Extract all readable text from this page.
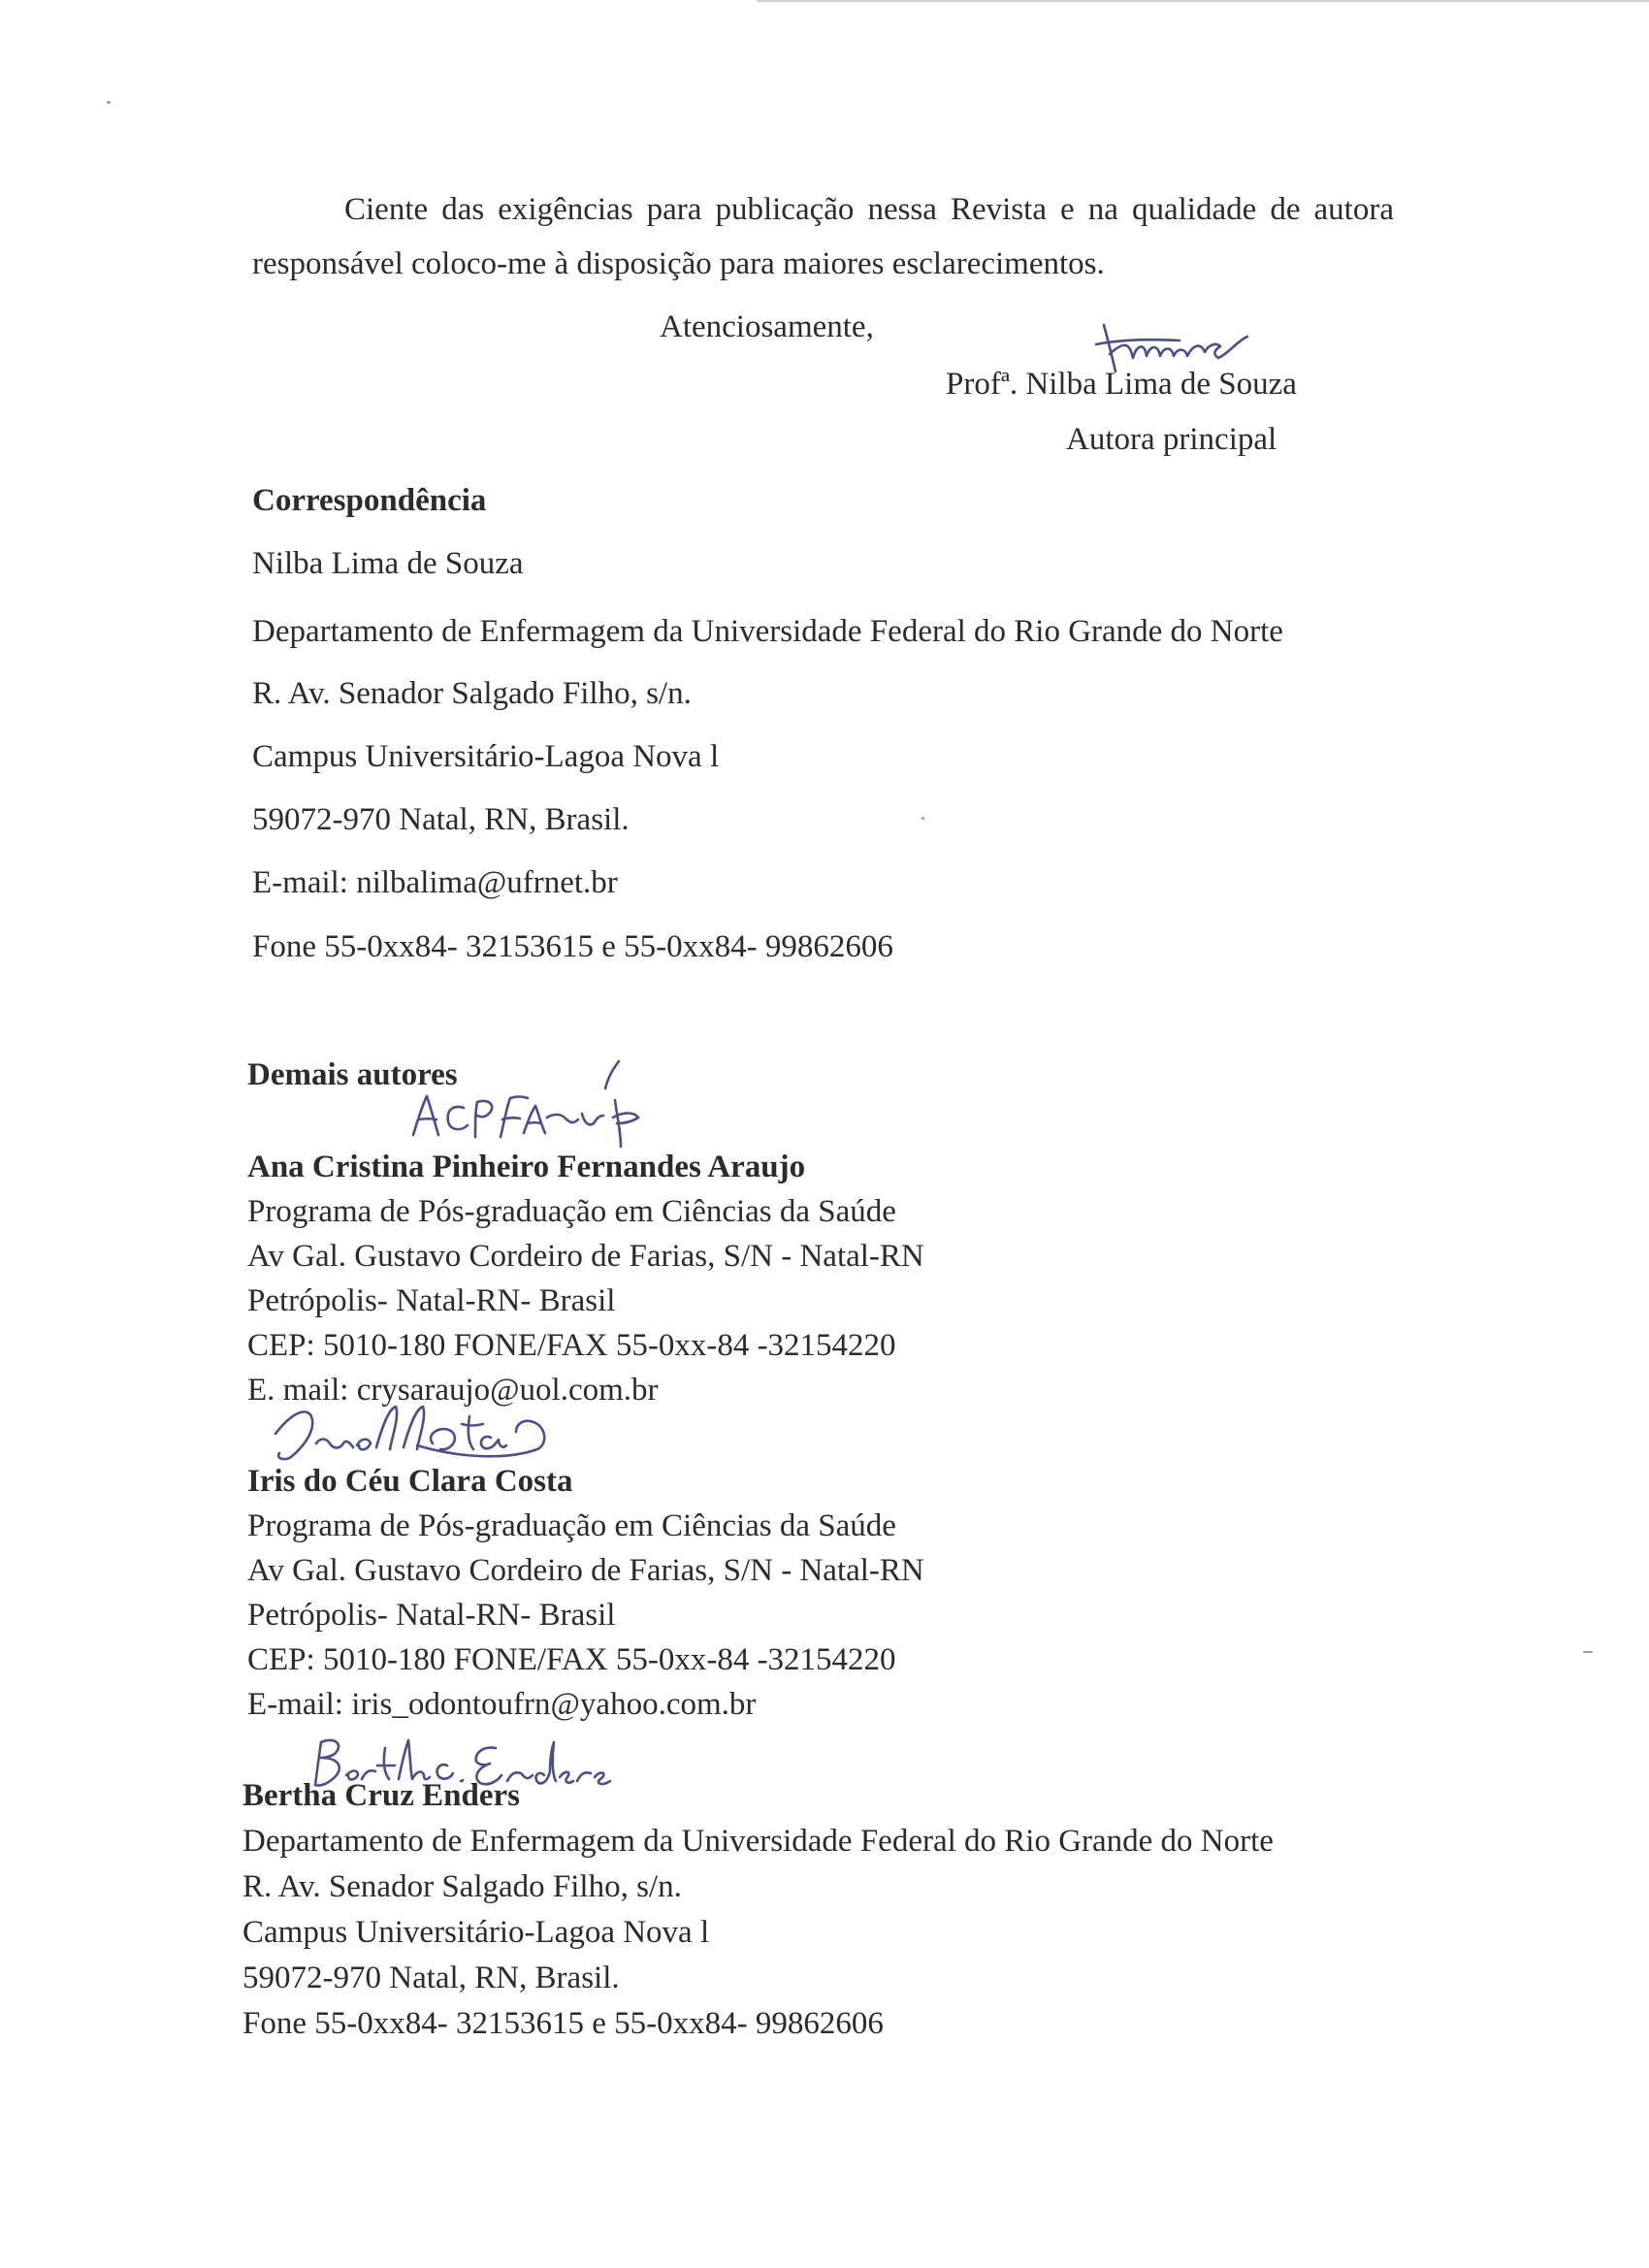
Ciente das exigências para publicação nessa Revista e na qualidade de autora
responsável coloco-me à disposição para maiores esclarecimentos.
Atenciosamente,
Profª. Nilba Lima de Souza
Autora principal
Correspondência
Nilba Lima de Souza
Departamento de Enfermagem da Universidade Federal do Rio Grande do Norte
R. Av. Senador Salgado Filho, s/n.
Campus Universitário-Lagoa Nova l
59072-970 Natal, RN, Brasil.
E-mail: nilbalima@ufrnet.br
Fone 55-0xx84- 32153615 e 55-0xx84- 99862606
Demais autores
Ana Cristina Pinheiro Fernandes Araujo
Programa de Pós-graduação em Ciências da Saúde
Av Gal. Gustavo Cordeiro de Farias, S/N - Natal-RN
Petrópolis- Natal-RN- Brasil
CEP: 5010-180 FONE/FAX 55-0xx-84 -32154220
E. mail: crysaraujo@uol.com.br
Iris do Céu Clara Costa
Programa de Pós-graduação em Ciências da Saúde
Av Gal. Gustavo Cordeiro de Farias, S/N - Natal-RN
Petrópolis- Natal-RN- Brasil
CEP: 5010-180 FONE/FAX 55-0xx-84 -32154220
E-mail: iris_odontoufrn@yahoo.com.br
Bertha Cruz Enders
Departamento de Enfermagem da Universidade Federal do Rio Grande do Norte
R. Av. Senador Salgado Filho, s/n.
Campus Universitário-Lagoa Nova l
59072-970 Natal, RN, Brasil.
Fone 55-0xx84- 32153615 e 55-0xx84- 99862606
